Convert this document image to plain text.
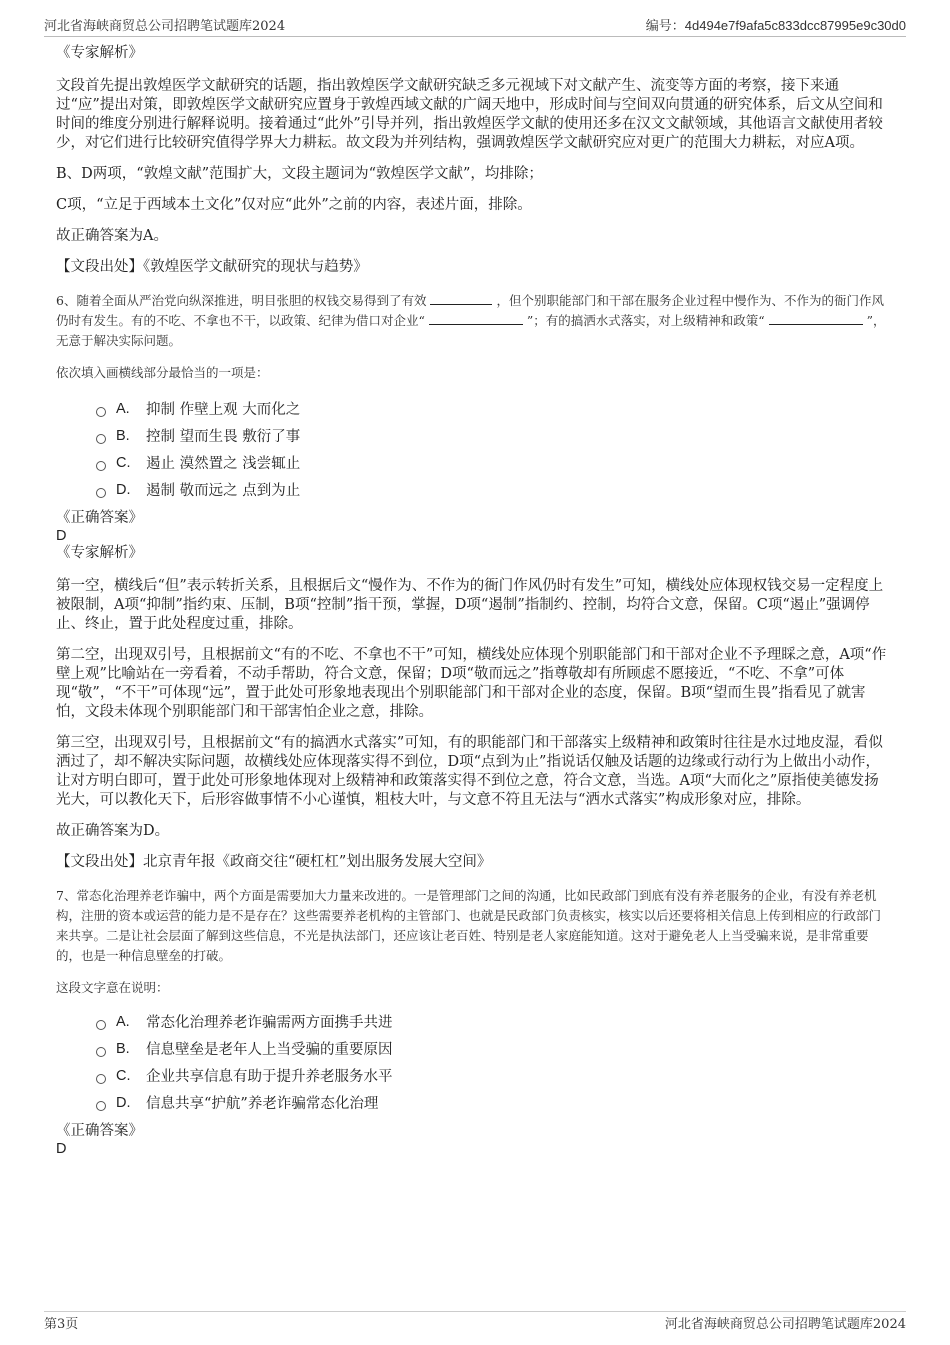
河北省海峡商贸总公司招聘笔试题库2024	编号：4d494e7f9afa5c833dcc87995e9c30d0

《专家解析》

文段首先提出敦煌医学文献研究的话题，指出敦煌医学文献研究缺乏多元视域下对文献产生、流变等方面的考察，接下来通过“应”提出对策，即敦煌医学文献研究应置身于敦煌西域文献的广阔天地中，形成时间与空间双向贯通的研究体系，后文从空间和时间的维度分别进行解释说明。接着通过“此外”引导并列，指出敦煌医学文献的使用还多在汉文文献领域，其他语言文献使用者较少，对它们进行比较研究值得学界大力耕耘。故文段为并列结构，强调敦煌医学文献研究应对更广的范围大力耕耘，对应A项。

B、D两项，“敦煌文献”范围扩大，文段主题词为“敦煌医学文献”，均排除；

C项，“立足于西域本土文化”仅对应“此外”之前的内容，表述片面，排除。

故正确答案为A。

【文段出处】《敦煌医学文献研究的现状与趋势》

6、随着全面从严治党向纵深推进，明目张胆的权钱交易得到了有效	，但个别职能部门和干部在服务企业过程中慢作为、不作为的衙门作风仍时有发生。有的不吃、不拿也不干，以政策、纪律为借口对企业“	”；有的搞洒水式落实，对上级精神和政策“	”，无意于解决实际问题。

依次填入画横线部分最恰当的一项是：

A.	抑制 作壁上观 大而化之
B.	控制 望而生畏 敷衍了事
C.	遏止 漠然置之 浅尝辄止
D.	遏制 敬而远之 点到为止

《正确答案》

D

《专家解析》

第一空，横线后“但”表示转折关系，且根据后文“慢作为、不作为的衙门作风仍时有发生”可知，横线处应体现权钱交易一定程度上被限制，A项“抑制”指约束、压制，B项“控制”指干预，掌握，D项“遏制”指制约、控制，均符合文意，保留。C项“遏止”强调停止、终止，置于此处程度过重，排除。

第二空，出现双引号，且根据前文“有的不吃、不拿也不干”可知，横线处应体现个别职能部门和干部对企业不予理睬之意，A项“作壁上观”比喻站在一旁看着，不动手帮助，符合文意，保留；D项“敬而远之”指尊敬却有所顾虑不愿接近，“不吃、不拿”可体现“敬”，“不干”可体现“远”，置于此处可形象地表现出个别职能部门和干部对企业的态度，保留。B项“望而生畏”指看见了就害怕，文段未体现个别职能部门和干部害怕企业之意，排除。

第三空，出现双引号，且根据前文“有的搞洒水式落实”可知，有的职能部门和干部落实上级精神和政策时往往是水过地皮湿，看似洒过了，却不解决实际问题，故横线处应体现落实得不到位，D项“点到为止”指说话仅触及话题的边缘或行动行为上做出小动作，让对方明白即可，置于此处可形象地体现对上级精神和政策落实得不到位之意，符合文意，当选。A项“大而化之”原指使美德发扬光大，可以教化天下，后形容做事情不小心谨慎，粗枝大叶，与文意不符且无法与“洒水式落实”构成形象对应，排除。

故正确答案为D。

【文段出处】北京青年报《政商交往“硬杠杠”划出服务发展大空间》

7、常态化治理养老诈骗中，两个方面是需要加大力量来改进的。一是管理部门之间的沟通，比如民政部门到底有没有养老服务的企业，有没有养老机构，注册的资本或运营的能力是不是存在？这些需要养老机构的主管部门、也就是民政部门负责核实，核实以后还要将相关信息上传到相应的行政部门来共享。二是让社会层面了解到这些信息，不光是执法部门，还应该让老百姓、特别是老人家庭能知道。这对于避免老人上当受骗来说，是非常重要的，也是一种信息壁垒的打破。

这段文字意在说明：

A.	常态化治理养老诈骗需两方面携手共进
B.	信息壁垒是老年人上当受骗的重要原因
C.	企业共享信息有助于提升养老服务水平
D.	信息共享“护航”养老诈骗常态化治理

《正确答案》

D

第3页	河北省海峡商贸总公司招聘笔试题库2024
